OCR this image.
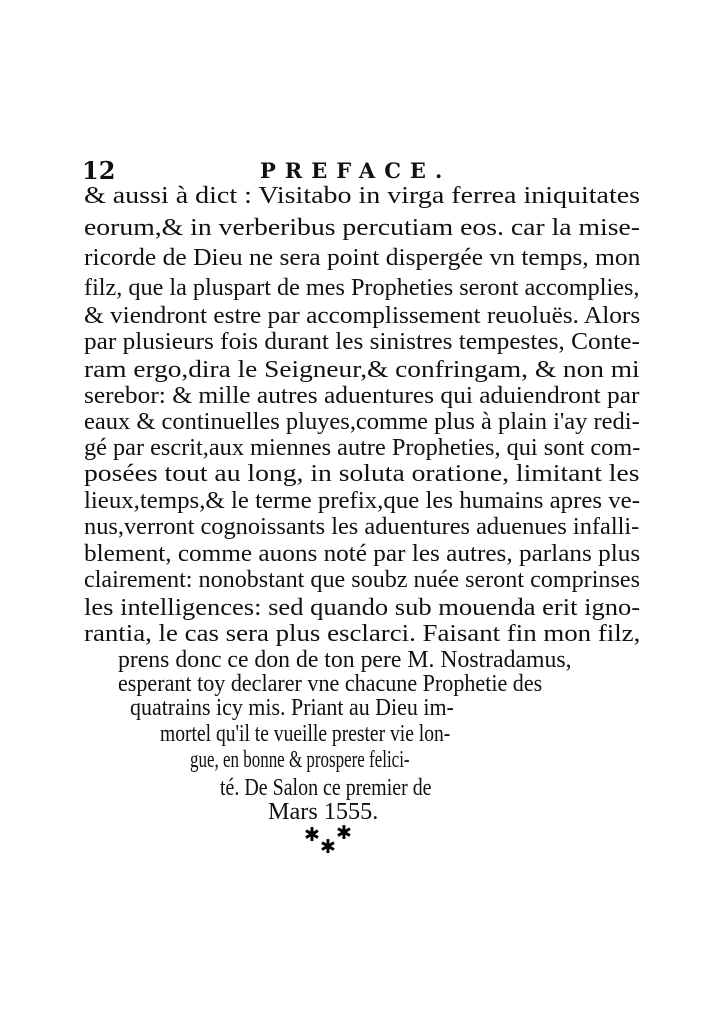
12	PREFACE.
& aussi à dict : Visitabo in virga ferrea iniquitates
eorum,& in verberibus percutiam eos. car la mise-
ricorde de Dieu ne sera point dispergée vn temps, mon
filz, que la pluspart de mes Propheties seront accomplies,
& viendront estre par accomplissement reuoluës. Alors
par plusieurs fois durant les sinistres tempestes, Conte-
ram ergo,dira le Seigneur,& confringam, & non mi
serebor: & mille autres aduentures qui aduiendront par
eaux & continuelles pluyes,comme plus à plain i'ay redi-
gé par escrit,aux miennes autre Propheties, qui sont com-
posées tout au long, in soluta oratione, limitant les
lieux,temps,& le terme prefix,que les humains apres ve-
nus,verront cognoissants les aduentures aduenues infalli-
blement, comme auons noté par les autres, parlans plus
clairement: nonobstant que soubz nuée seront comprinses
les intelligences: sed quando sub mouenda erit igno-
rantia, le cas sera plus esclarci. Faisant fin mon filz,
prens donc ce don de ton pere M. Nostradamus,
esperant toy declarer vne chacune Prophetie des
quatrains icy mis. Priant au Dieu im-
mortel qu'il te vueille prester vie lon-
gue, en bonne & prospere felici-
té. De Salon ce premier de
Mars 1555.
✱ ✱
✱
